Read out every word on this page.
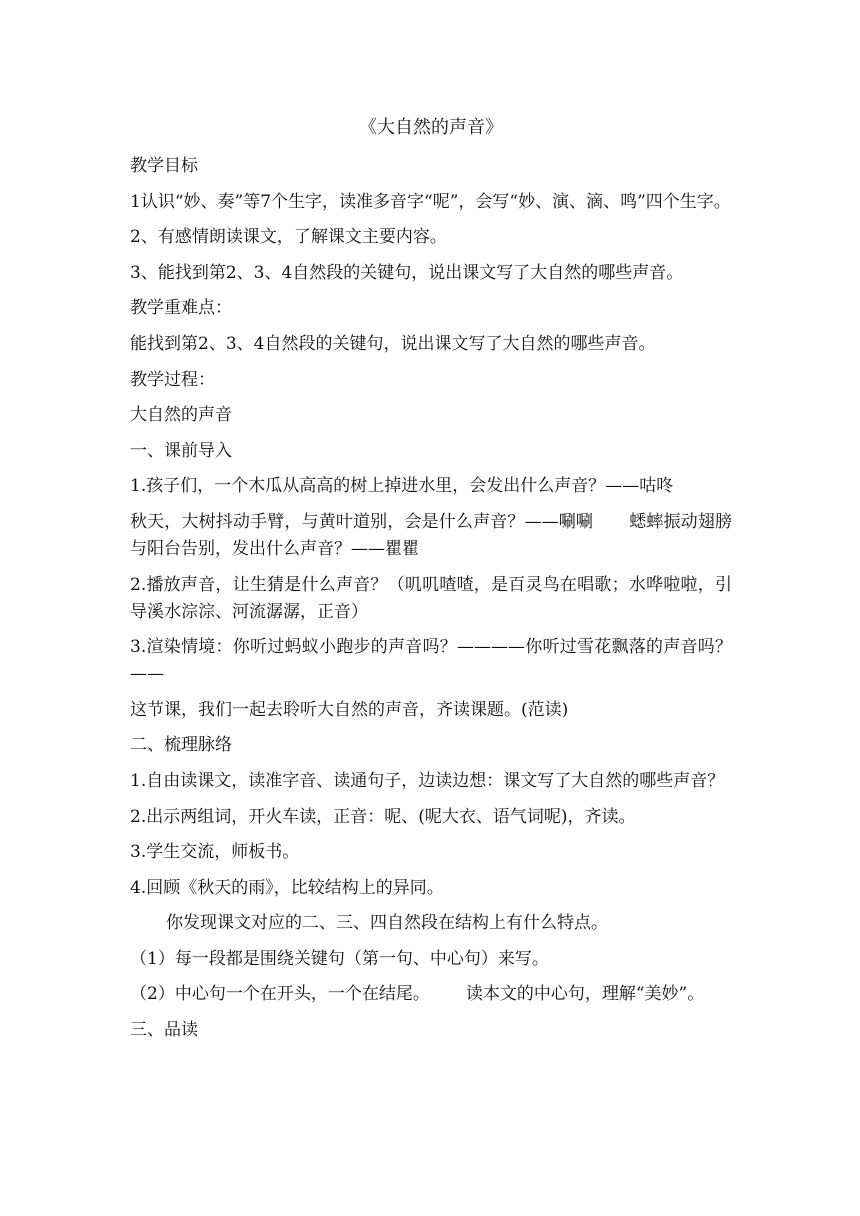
《大自然的声音》
教学目标
1认识“妙、奏”等7个生字，读准多音字“呢”，会写“妙、演、滴、鸣”四个生字。
2、有感情朗读课文，了解课文主要内容。
3、能找到第2、3、4自然段的关键句，说出课文写了大自然的哪些声音。
教学重难点：
能找到第2、3、4自然段的关键句，说出课文写了大自然的哪些声音。
教学过程：
大自然的声音
一、课前导入
1.孩子们，一个木瓜从高高的树上掉进水里，会发出什么声音？——咕咚
秋天，大树抖动手臂，与黄叶道别，会是什么声音？——唰唰 蟋蟀振动翅膀与阳台告别，发出什么声音？——瞿瞿
2.播放声音，让生猜是什么声音？（叽叽喳喳，是百灵鸟在唱歌；水哗啦啦，引导溪水淙淙、河流潺潺，正音）
3.渲染情境：你听过蚂蚁小跑步的声音吗？————你听过雪花飘落的声音吗？——
这节课，我们一起去聆听大自然的声音，齐读课题。(范读)
二、梳理脉络
1.自由读课文，读准字音、读通句子，边读边想：课文写了大自然的哪些声音？
2.出示两组词，开火车读，正音：呢、(呢大衣、语气词呢)，齐读。
3.学生交流，师板书。
4.回顾《秋天的雨》，比较结构上的异同。
你发现课文对应的二、三、四自然段在结构上有什么特点。
（1）每一段都是围绕关键句（第一句、中心句）来写。
（2）中心句一个在开头，一个在结尾。 读本文的中心句，理解“美妙”。
三、品读
